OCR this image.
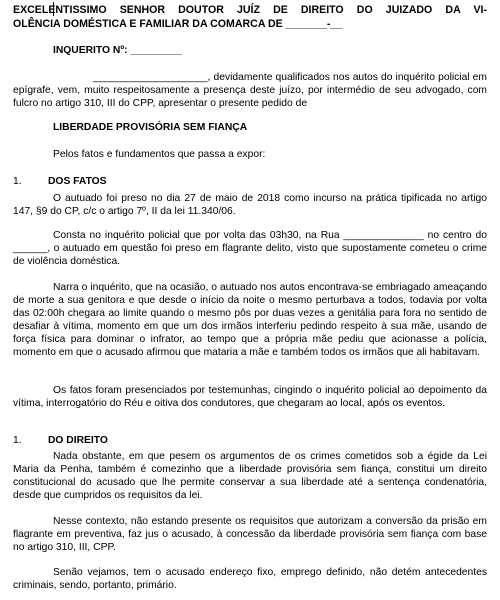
EXCELENTISSIMO SENHOR DOUTOR JUÍZ DE DIREITO DO JUIZADO DA VI-
OLÊNCIA DOMÉSTICA E FAMILIAR DA COMARCA DE _______-__
INQUERITO Nº: _________
____________________, devidamente qualificados nos autos do inquérito policial em epígrafe, vem, muito respeitosamente a presença deste juízo, por intermédio de seu advogado, com fulcro no artigo 310, III do CPP, apresentar o presente pedido de
LIBERDADE PROVISÓRIA SEM FIANÇA
Pelos fatos e fundamentos que passa a expor:
1.	DOS FATOS
O autuado foi preso no dia 27 de maio de 2018 como incurso na prática tipificada no artigo 147, §9 do CP, c/c o artigo 7º, II da lei 11.340/06.
Consta no inquérito policial que por volta das 03h30, na Rua ______________ no centro do ______, o autuado em questão foi preso em flagrante delito, visto que supostamente cometeu o crime de violência doméstica.
Narra o inquérito, que na ocasião, o autuado nos autos encontrava-se embriagado ameaçando de morte a sua genitora e que desde o início da noite o mesmo perturbava a todos, todavia por volta das 02:00h chegara ao limite quando o mesmo pôs por duas vezes a genitália para fora no sentido de desafiar à vítima, momento em que um dos irmãos interferiu pedindo respeito à sua mãe, usando de força física para dominar o infrator, ao tempo que a própria mãe pediu que acionasse a polícia, momento em que o acusado afirmou que mataria a mãe e também todos os irmãos que ali habitavam.
Os fatos foram presenciados por testemunhas, cingindo o inquérito policial ao depoimento da vítima, interrogatório do Réu e oitiva dos condutores, que chegaram ao local, após os eventos.
1.	DO DIREITO
Nada obstante, em que pesem os argumentos de os crimes cometidos sob a égide da Lei Maria da Penha, também é comezinho que a liberdade provisória sem fiança, constitui um direito constitucional do acusado que lhe permite conservar a sua liberdade até a sentença condenatória, desde que cumpridos os requisitos da lei.
Nesse contexto, não estando presente os requisitos que autorizam a conversão da prisão em flagrante em preventiva, faz jus o acusado, à concessão da liberdade provisória sem fiança com base no artigo 310, III, CPP.
Senão vejamos, tem o acusado endereço fixo, emprego definido, não detém antecedentes criminais, sendo, portanto, primário.
